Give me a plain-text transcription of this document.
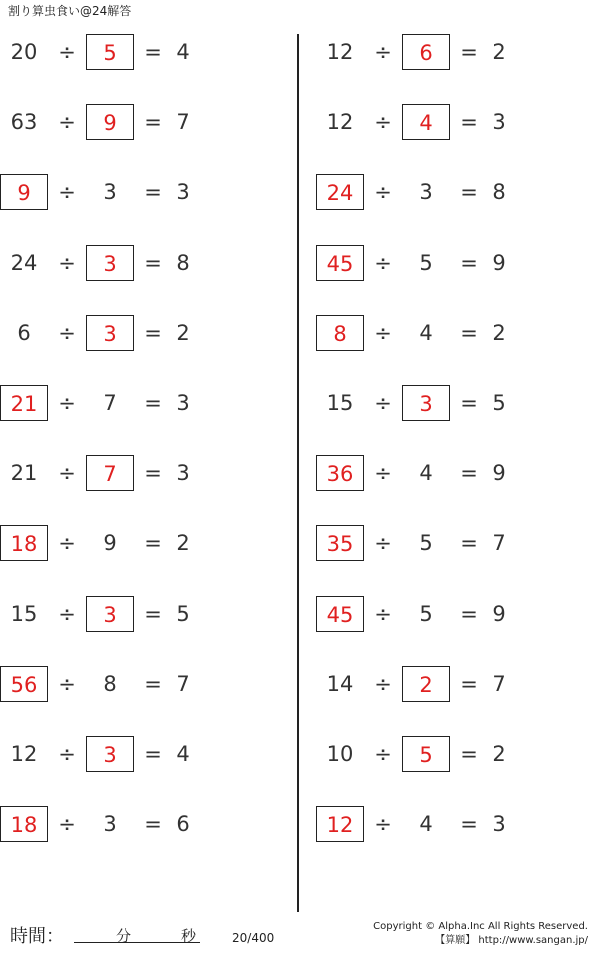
割り算虫食い@24解答
20 ÷	5	= 4
63 ÷	9	= 7
9	÷	3	= 3
24 ÷	3	= 8
6	÷	3	= 2
21 ÷	7	= 3
21 ÷	7	= 3
18 ÷	9	= 2
15 ÷	3	= 5
56 ÷	8	= 7
12 ÷	3	= 4
18 ÷	3	= 6
12 ÷	6	= 2
12 ÷	4	= 3
24 ÷	3	= 8
45 ÷	5	= 9
8	÷	4	= 2
15 ÷	3	= 5
36 ÷	4	= 9
35 ÷	5	= 7
45 ÷	5	= 9
14 ÷	2	= 7
10 ÷	5	= 2
12 ÷	4	= 3
時間：	分	秒	20/400
Copyright © Alpha.Inc All Rights Reserved.
【算願】 http://www.sangan.jp/
